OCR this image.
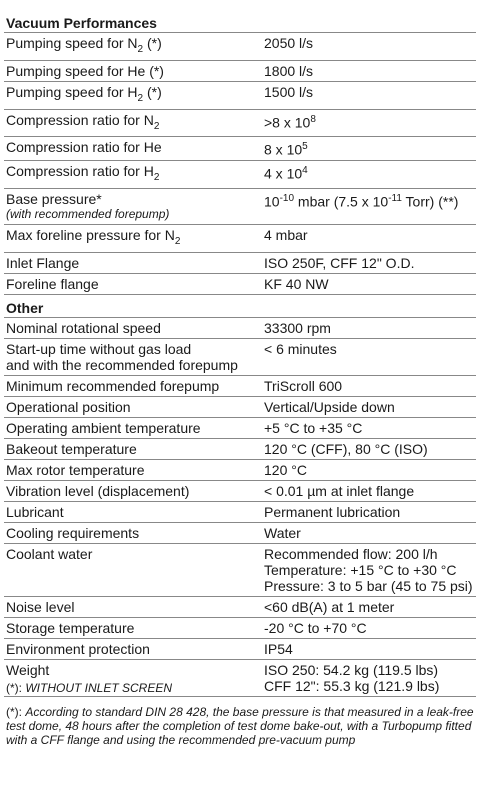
Vacuum Performances
Pumping speed for $N_2$ (*)	2050 l/s
Pumping speed for He (*)	1800 l/s
Pumping speed for $H_2$ (*)	1500 l/s
Compression ratio for $N_2$	>8 x $10^8$
Compression ratio for He	8 x $10^5$
Compression ratio for $H_2$	4 x $10^4$
Base pressure*
(with recommended forepump)	$10^{-10}$ mbar (7.5 x $10^{-11}$ Torr) (**)
Max foreline pressure for $N_2$	4 mbar
Inlet Flange	ISO 250F, CFF 12" O.D.
Foreline flange	KF 40 NW
Other
Nominal rotational speed	33300 rpm
Start-up time without gas load
and with the recommended forepump	< 6 minutes
Minimum recommended forepump	TriScroll 600
Operational position	Vertical/Upside down
Operating ambient temperature	+5 °C to +35 °C
Bakeout temperature	120 °C (CFF), 80 °C (ISO)
Max rotor temperature	120 °C
Vibration level (displacement)	< 0.01 µm at inlet flange
Lubricant	Permanent lubrication
Cooling requirements	Water
Coolant water	Recommended flow: 200 l/h
Temperature: +15 °C to +30 °C
Pressure: 3 to 5 bar (45 to 75 psi)
Noise level	<60 dB(A) at 1 meter
Storage temperature	-20 °C to +70 °C
Environment protection	IP54
Weight	ISO 250: 54.2 kg (119.5 lbs)
CFF 12": 55.3 kg (121.9 lbs)
(*): WITHOUT INLET SCREEN
(*): According to standard DIN 28 428, the base pressure is that measured in a leak-free test dome, 48 hours after the completion of test dome bake-out, with a Turbopump fitted with a CFF flange and using the recommended pre-vacuum pump
